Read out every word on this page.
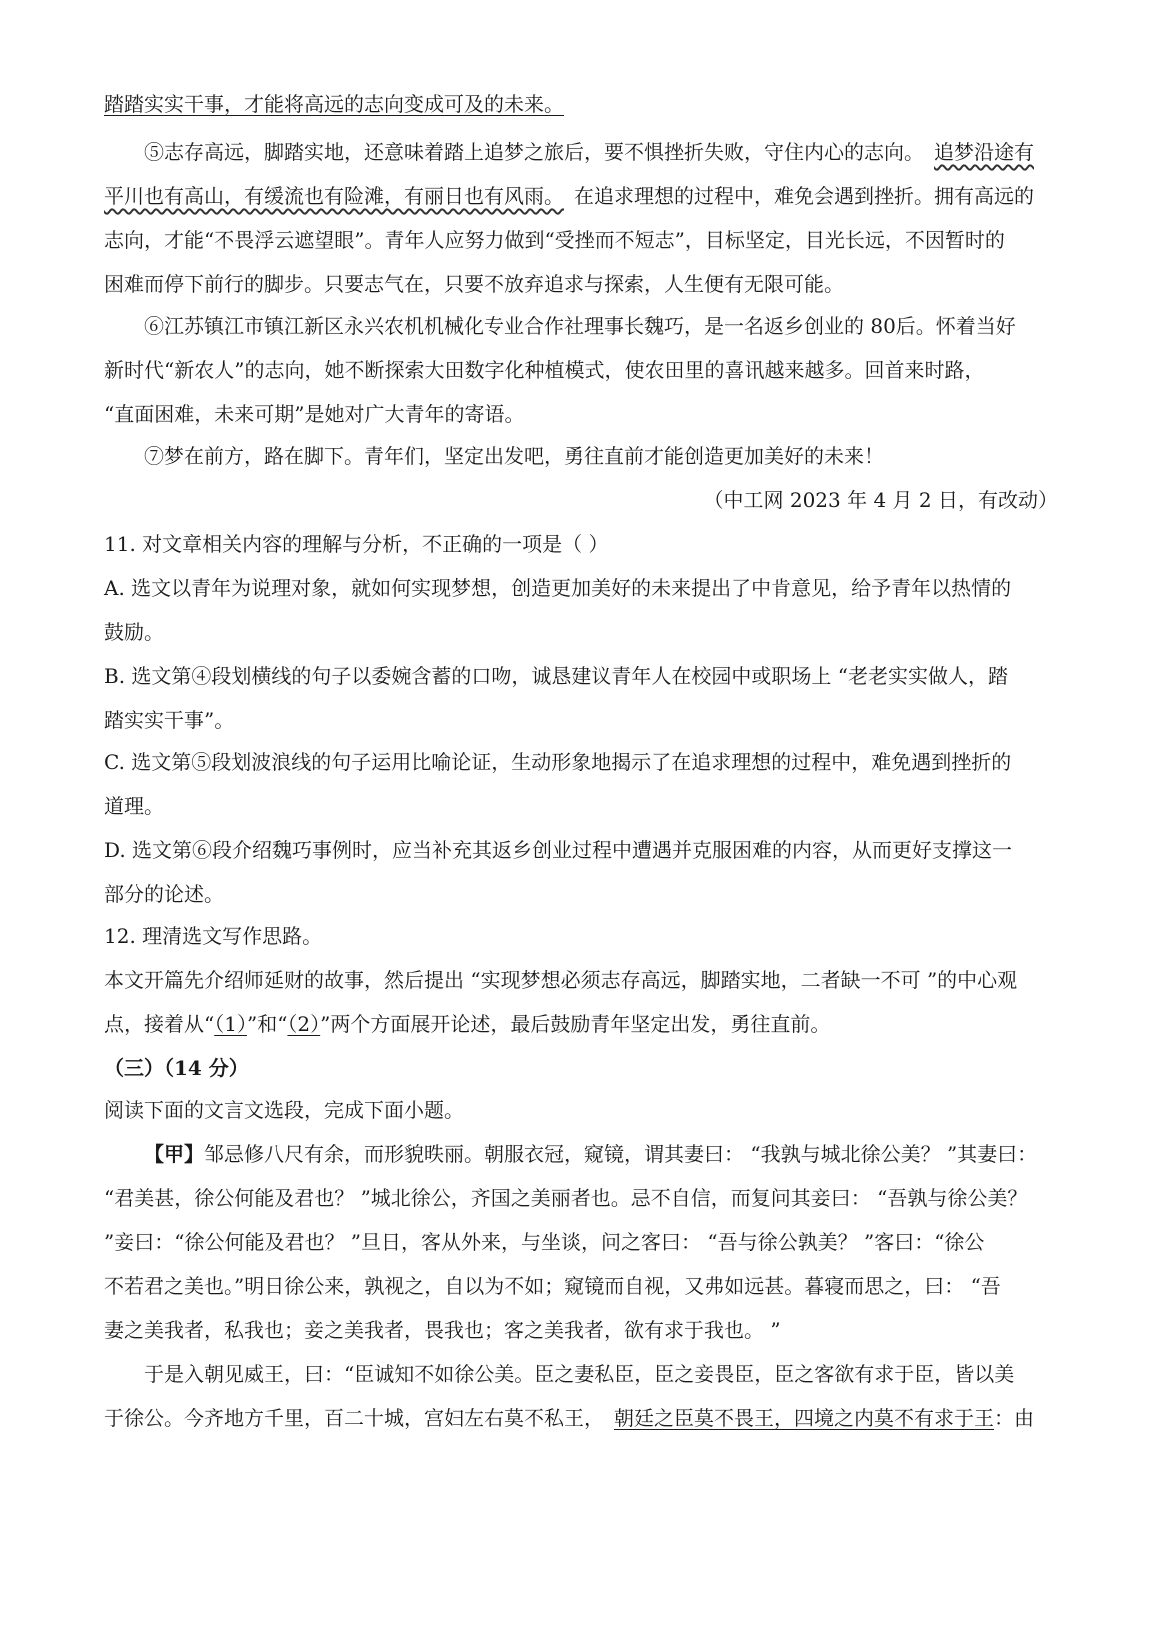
踏踏实实干事，才能将高远的志向变成可及的未来。
⑤志存高远，脚踏实地，还意味着踏上追梦之旅后，要不惧挫折失败，守住内心的志向。 追梦沿途有
平川也有高山，有缓流也有险滩，有丽日也有风雨。 在追求理想的过程中，难免会遇到挫折。拥有高远的
志向，才能“不畏浮云遮望眼”。青年人应努力做到“受挫而不短志”，目标坚定，目光长远，不因暂时的
困难而停下前行的脚步。只要志气在，只要不放弃追求与探索，人生便有无限可能。
⑥江苏镇江市镇江新区永兴农机机械化专业合作社理事长魏巧，是一名返乡创业的 80后。怀着当好
新时代“新农人”的志向，她不断探索大田数字化种植模式，使农田里的喜讯越来越多。回首来时路，
“直面困难，未来可期”是她对广大青年的寄语。
⑦梦在前方，路在脚下。青年们，坚定出发吧，勇往直前才能创造更加美好的未来！
（中工网 2023 年 4 月 2 日，有改动）
11. 对文章相关内容的理解与分析，不正确的一项是（ ）
A. 选文以青年为说理对象，就如何实现梦想，创造更加美好的未来提出了中肯意见，给予青年以热情的
鼓励。
B. 选文第④段划横线的句子以委婉含蓄的口吻，诚恳建议青年人在校园中或职场上 “老老实实做人，踏
踏实实干事”。
C. 选文第⑤段划波浪线的句子运用比喻论证，生动形象地揭示了在追求理想的过程中，难免遇到挫折的
道理。
D. 选文第⑥段介绍魏巧事例时，应当补充其返乡创业过程中遭遇并克服困难的内容，从而更好支撑这一
部分的论述。
12. 理清选文写作思路。
本文开篇先介绍师延财的故事，然后提出 “实现梦想必须志存高远，脚踏实地，二者缺一不可 ”的中心观
点，接着从“（1）”和“（2）”两个方面展开论述，最后鼓励青年坚定出发，勇往直前。
（三）（14 分）
阅读下面的文言文选段，完成下面小题。
【甲】邹忌修八尺有余，而形貌昳丽。朝服衣冠，窥镜，谓其妻曰： “我孰与城北徐公美？ ”其妻曰：
“君美甚，徐公何能及君也？ ”城北徐公，齐国之美丽者也。忌不自信，而复问其妾曰： “吾孰与徐公美？
”妾曰：“徐公何能及君也？ ”旦日，客从外来，与坐谈，问之客曰： “吾与徐公孰美？ ”客曰：“徐公
不若君之美也。”明日徐公来，孰视之，自以为不如；窥镜而自视，又弗如远甚。暮寝而思之，曰： “吾
妻之美我者，私我也；妾之美我者，畏我也；客之美我者，欲有求于我也。 ”
于是入朝见威王，曰：“臣诚知不如徐公美。臣之妻私臣，臣之妾畏臣，臣之客欲有求于臣，皆以美
于徐公。今齐地方千里，百二十城，宫妇左右莫不私王， 朝廷之臣莫不畏王，四境之内莫不有求于王：由
